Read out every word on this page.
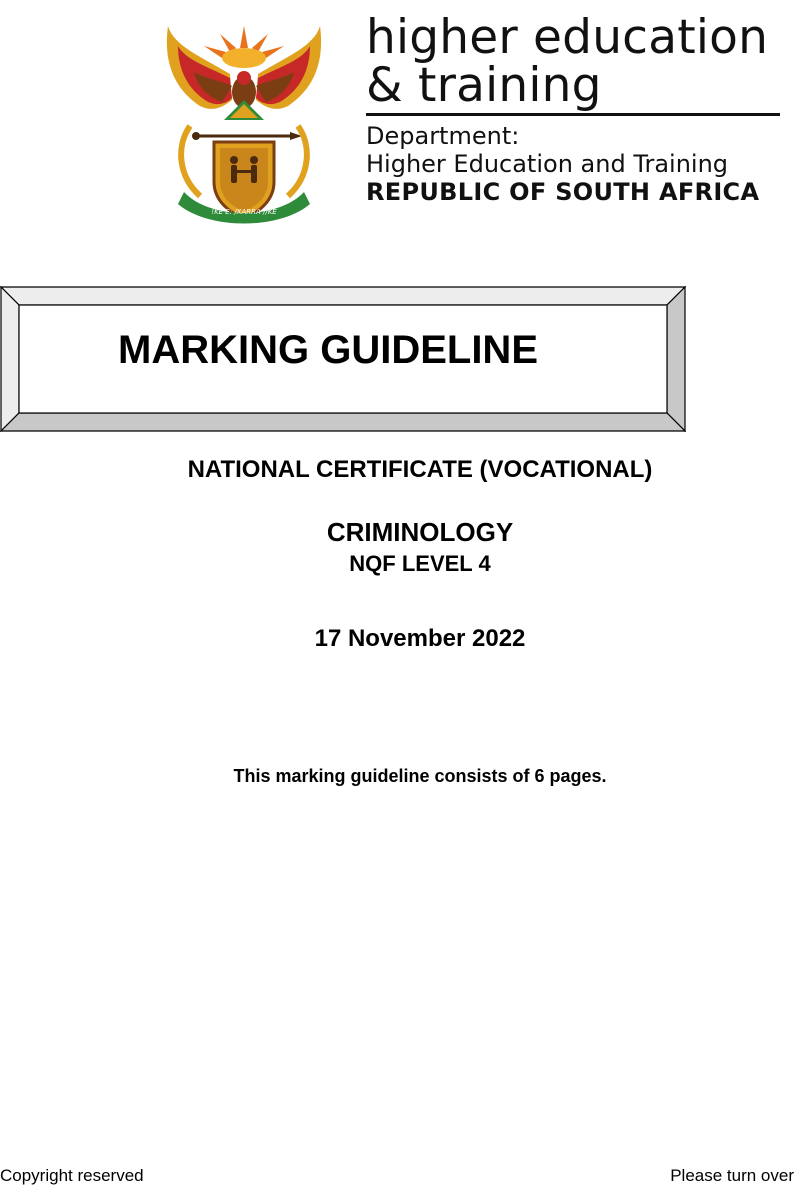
!KE E: /XARRA //KE
higher education
& training
Department:
Higher Education and Training
REPUBLIC OF SOUTH AFRICA
MARKING GUIDELINE
NATIONAL CERTIFICATE (VOCATIONAL)
CRIMINOLOGY
NQF LEVEL 4
17 November 2022
This marking guideline consists of 6 pages.
Copyright reserved	Please turn over
